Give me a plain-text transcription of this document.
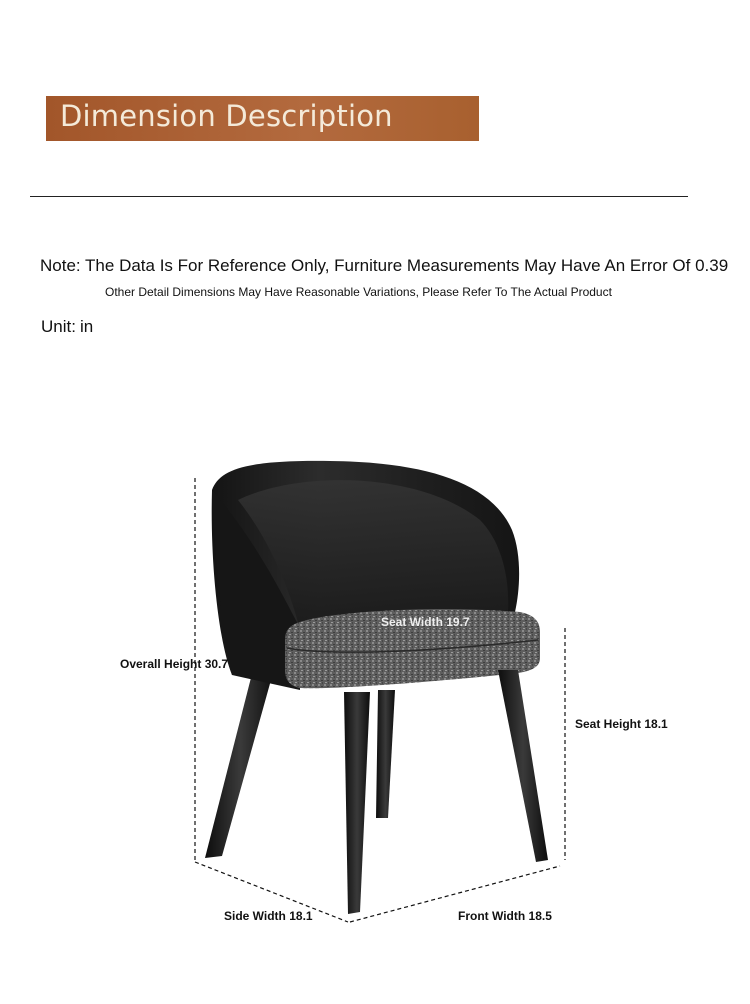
Dimension Description
Note: The Data Is For Reference Only, Furniture Measurements May Have An Error Of 0.39
Other Detail Dimensions May Have Reasonable Variations, Please Refer To The Actual Product
Unit: in
Seat Width 19.7
Overall Height 30.7
Seat Height 18.1
Side Width 18.1	Front Width 18.5
